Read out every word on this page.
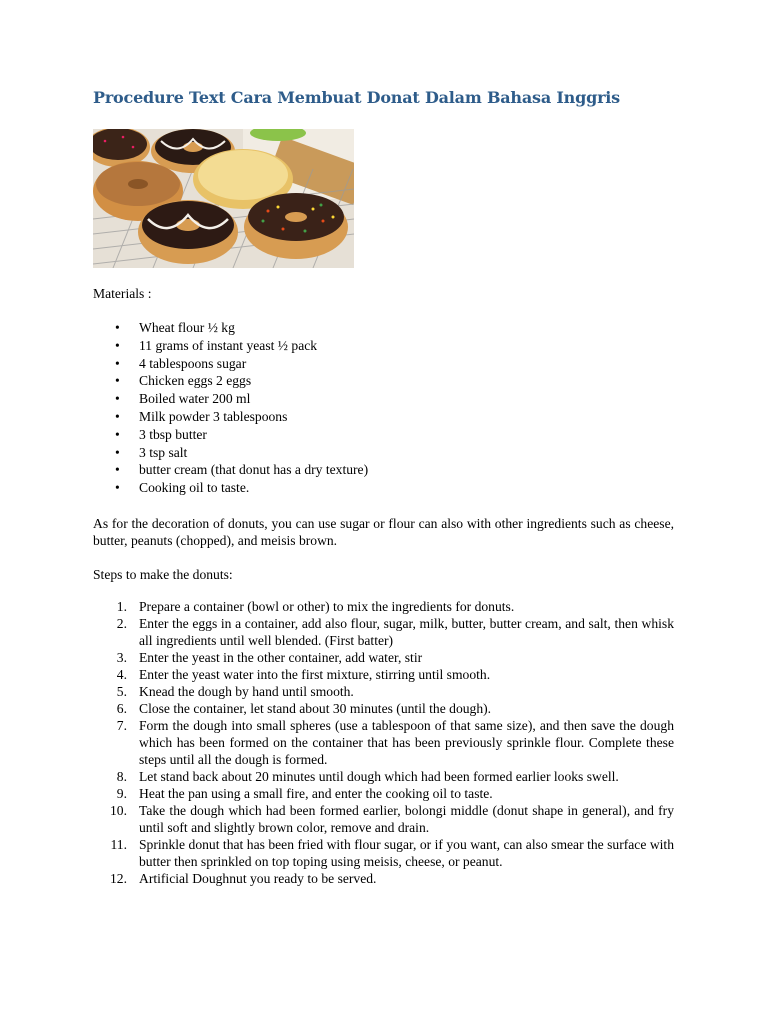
Procedure Text Cara Membuat Donat Dalam Bahasa Inggris

Materials :

• Wheat flour ½ kg
• 11 grams of instant yeast ½ pack
• 4 tablespoons sugar
• Chicken eggs 2 eggs
• Boiled water 200 ml
• Milk powder 3 tablespoons
• 3 tbsp butter
• 3 tsp salt
• butter cream (that donut has a dry texture)
• Cooking oil to taste.

As for the decoration of donuts, you can use sugar or flour can also with other ingredients such as cheese, butter, peanuts (chopped), and meisis brown.

Steps to make the donuts:

1. Prepare a container (bowl or other) to mix the ingredients for donuts.
2. Enter the eggs in a container, add also flour, sugar, milk, butter, butter cream, and salt, then whisk all ingredients until well blended. (First batter)
3. Enter the yeast in the other container, add water, stir
4. Enter the yeast water into the first mixture, stirring until smooth.
5. Knead the dough by hand until smooth.
6. Close the container, let stand about 30 minutes (until the dough).
7. Form the dough into small spheres (use a tablespoon of that same size), and then save the dough which has been formed on the container that has been previously sprinkle flour. Complete these steps until all the dough is formed.
8. Let stand back about 20 minutes until dough which had been formed earlier looks swell.
9. Heat the pan using a small fire, and enter the cooking oil to taste.
10. Take the dough which had been formed earlier, bolongi middle (donut shape in general), and fry until soft and slightly brown color, remove and drain.
11. Sprinkle donut that has been fried with flour sugar, or if you want, can also smear the surface with butter then sprinkled on top toping using meisis, cheese, or peanut.
12. Artificial Doughnut you ready to be served.
